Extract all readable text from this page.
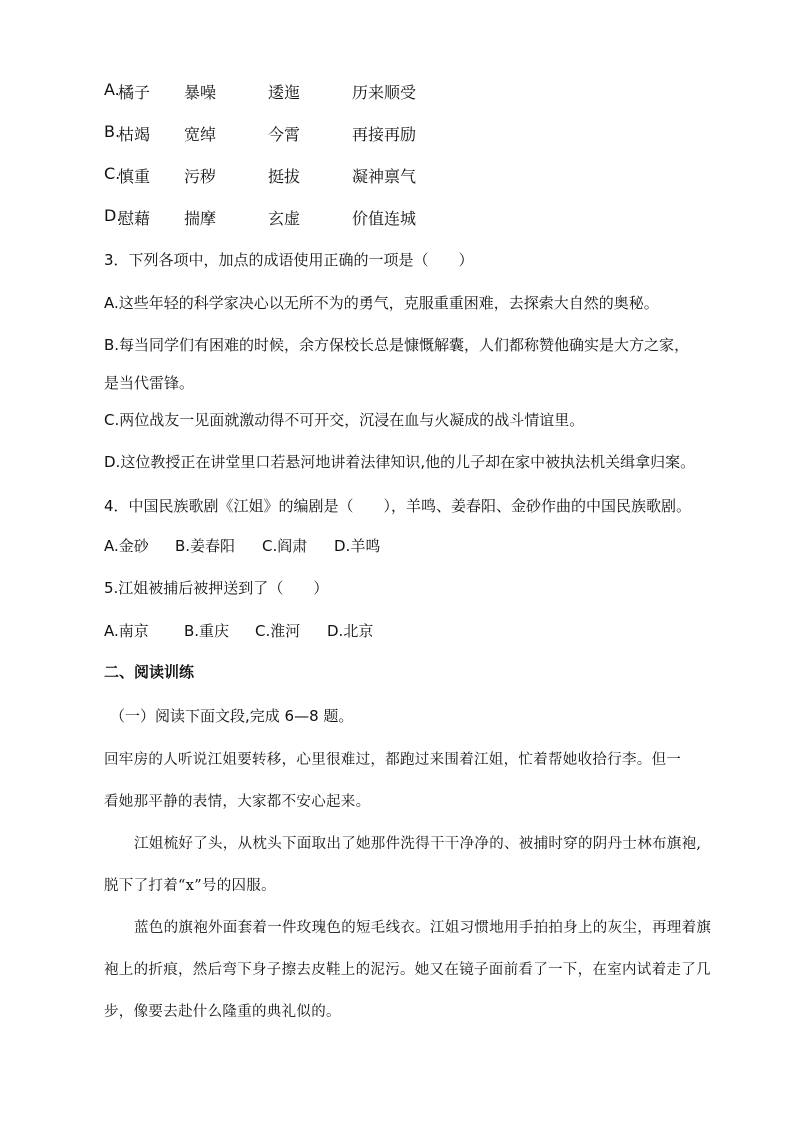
A.
橘子 暴噪	逶迤	历来顺受
B.
枯竭 宽绰	今霄	再接再励
C.
慎重 污秽	挺拔	凝神禀气
D.
慰藉 揣摩	玄虚	价值连城
3．下列各项中，加点的成语使用正确的一项是（　　）
A.这些年轻的科学家决心以无所不为的勇气，克服重重困难，去探索大自然的奥秘。
B.每当同学们有困难的时候，余方保校长总是慷慨解囊，人们都称赞他确实是大方之家，
是当代雷锋。
C.两位战友一见面就激动得不可开交，沉浸在血与火凝成的战斗情谊里。
D.这位教授正在讲堂里口若悬河地讲着法律知识,他的儿子却在家中被执法机关缉拿归案。
4．中国民族歌剧《江姐》的编剧是（　　），羊鸣、姜春阳、金砂作曲的中国民族歌剧。
A.金砂 B.姜春阳 C.阎肃 D.羊鸣
5.江姐被捕后被押送到了（　　）
A.南京 B.重庆 C.淮河 D.北京
二、阅读训练
（一）阅读下面文段,完成 6—8 题。
回牢房的人听说江姐要转移，心里很难过，都跑过来围着江姐，忙着帮她收拾行李。但一
看她那平静的表情，大家都不安心起来。
江姐梳好了头，从枕头下面取出了她那件洗得干干净净的、被捕时穿的阴丹士林布旗袍,
脱下了打着“x”号的囚服。
蓝色的旗袍外面套着一件玫瑰色的短毛线衣。江姐习惯地用手拍拍身上的灰尘，再理着旗
袍上的折痕，然后弯下身子擦去皮鞋上的泥污。她又在镜子面前看了一下，在室内试着走了几
步，像要去赴什么隆重的典礼似的。
